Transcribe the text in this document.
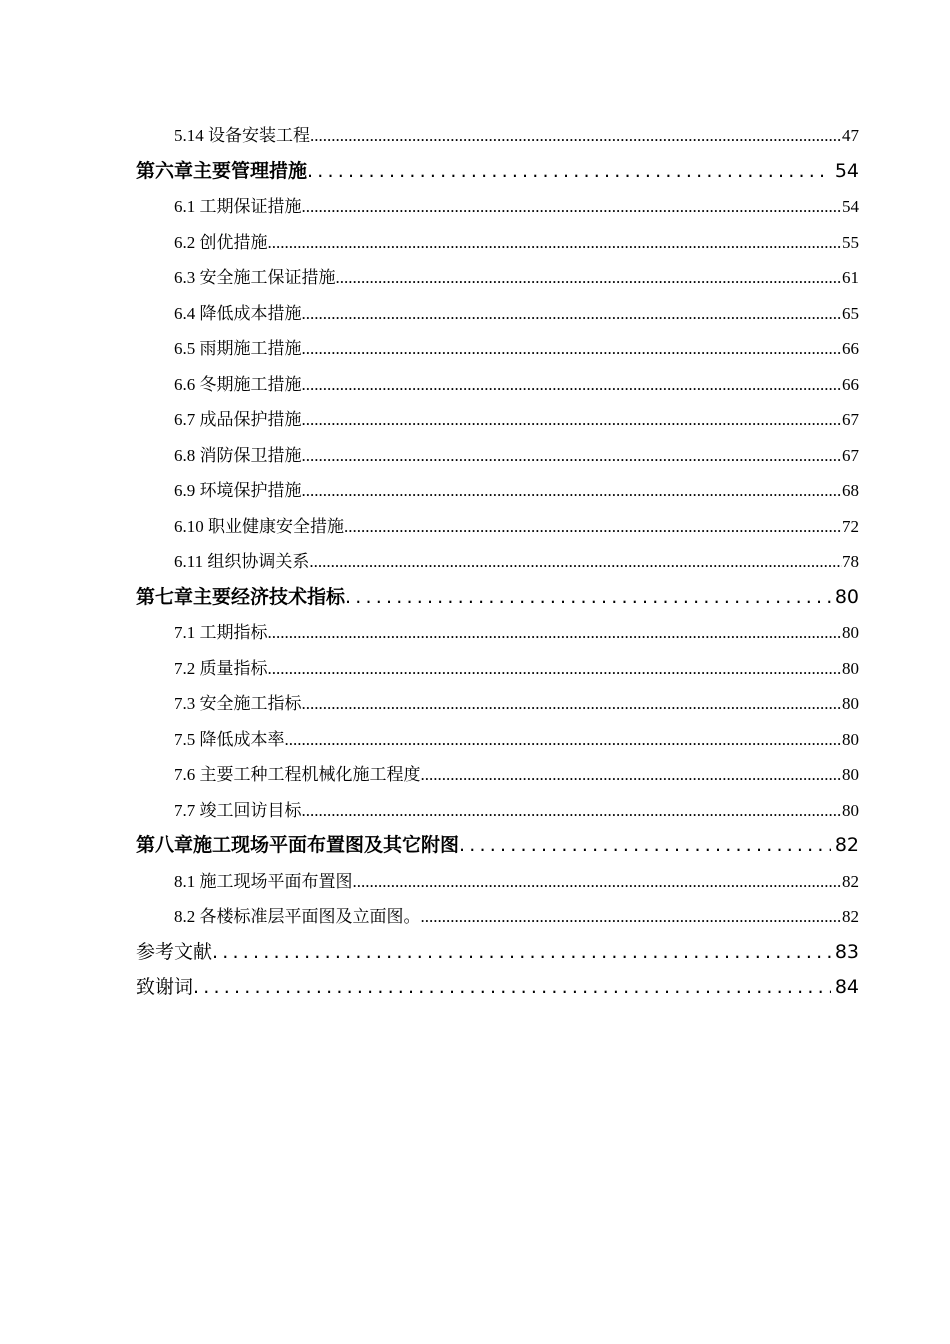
5.14 设备安装工程 .....	47
第六章 主要管理措施 .....	54
6.1 工期保证措施 .....	54
6.2 创优措施 .....	55
6.3 安全施工保证措施 .....	61
6.4 降低成本措施 .....	65
6.5 雨期施工措施 .....	66
6.6 冬期施工措施 .....	66
6.7 成品保护措施 .....	67
6.8 消防保卫措施 .....	67
6.9 环境保护措施 .....	68
6.10 职业健康安全措施 .....	72
6.11 组织协调关系 .....	78
第七章 主要经济技术指标 .....	80
7.1 工期指标 .....	80
7.2 质量指标 .....	80
7.3 安全施工指标 .....	80
7.5 降低成本率 .....	80
7.6 主要工种工程机械化施工程度 .....	80
7.7 竣工回访目标 .....	80
第八章 施工现场平面布置图及其它附图 .....	82
8.1 施工现场平面布置图 .....	82
8.2 各楼标准层平面图及立面图。 .....	82
参考文献 .....	83
致谢词 .....	84
